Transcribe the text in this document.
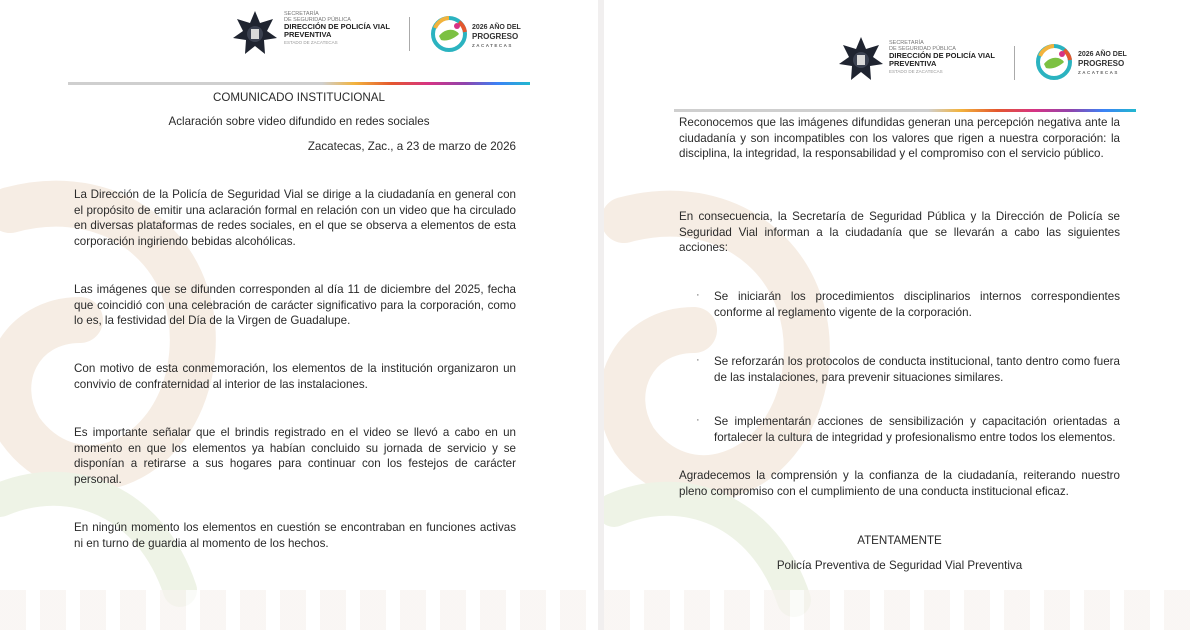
SECRETARÍA
DE SEGURIDAD PÚBLICA
DIRECCIÓN DE POLICÍA VIAL
PREVENTIVA
ESTADO DE ZACATECAS
2026 AÑO DEL
PROGRESO
ZACATECAS
COMUNICADO INSTITUCIONAL
Aclaración sobre video difundido en redes sociales
Zacatecas, Zac., a 23 de marzo de 2026

La Dirección de la Policía de Seguridad Vial se dirige a la ciudadanía en general con el propósito de emitir una aclaración formal en relación con un video que ha circulado en diversas plataformas de redes sociales, en el que se observa a elementos de esta corporación ingiriendo bebidas alcohólicas.

Las imágenes que se difunden corresponden al día 11 de diciembre del 2025, fecha que coincidió con una celebración de carácter significativo para la corporación, como lo es, la festividad del Día de la Virgen de Guadalupe.

Con motivo de esta conmemoración, los elementos de la institución organizaron un convivio de confraternidad al interior de las instalaciones.

Es importante señalar que el brindis registrado en el video se llevó a cabo en un momento en que los elementos ya habían concluido su jornada de servicio y se disponían a retirarse a sus hogares para continuar con los festejos de carácter personal.

En ningún momento los elementos en cuestión se encontraban en funciones activas ni en turno de guardia al momento de los hechos.

SECRETARÍA
DE SEGURIDAD PÚBLICA
DIRECCIÓN DE POLICÍA VIAL
PREVENTIVA
ESTADO DE ZACATECAS
2026 AÑO DEL
PROGRESO
ZACATECAS

Reconocemos que las imágenes difundidas generan una percepción negativa ante la ciudadanía y son incompatibles con los valores que rigen a nuestra corporación: la disciplina, la integridad, la responsabilidad y el compromiso con el servicio público.

En consecuencia, la Secretaría de Seguridad Pública y la Dirección de Policía se Seguridad Vial informan a la ciudadanía que se llevarán a cabo las siguientes acciones:

· Se iniciarán los procedimientos disciplinarios internos correspondientes conforme al reglamento vigente de la corporación.

· Se reforzarán los protocolos de conducta institucional, tanto dentro como fuera de las instalaciones, para prevenir situaciones similares.

· Se implementarán acciones de sensibilización y capacitación orientadas a fortalecer la cultura de integridad y profesionalismo entre todos los elementos.

Agradecemos la comprensión y la confianza de la ciudadanía, reiterando nuestro pleno compromiso con el cumplimiento de una conducta institucional eficaz.

ATENTAMENTE
Policía Preventiva de Seguridad Vial Preventiva
